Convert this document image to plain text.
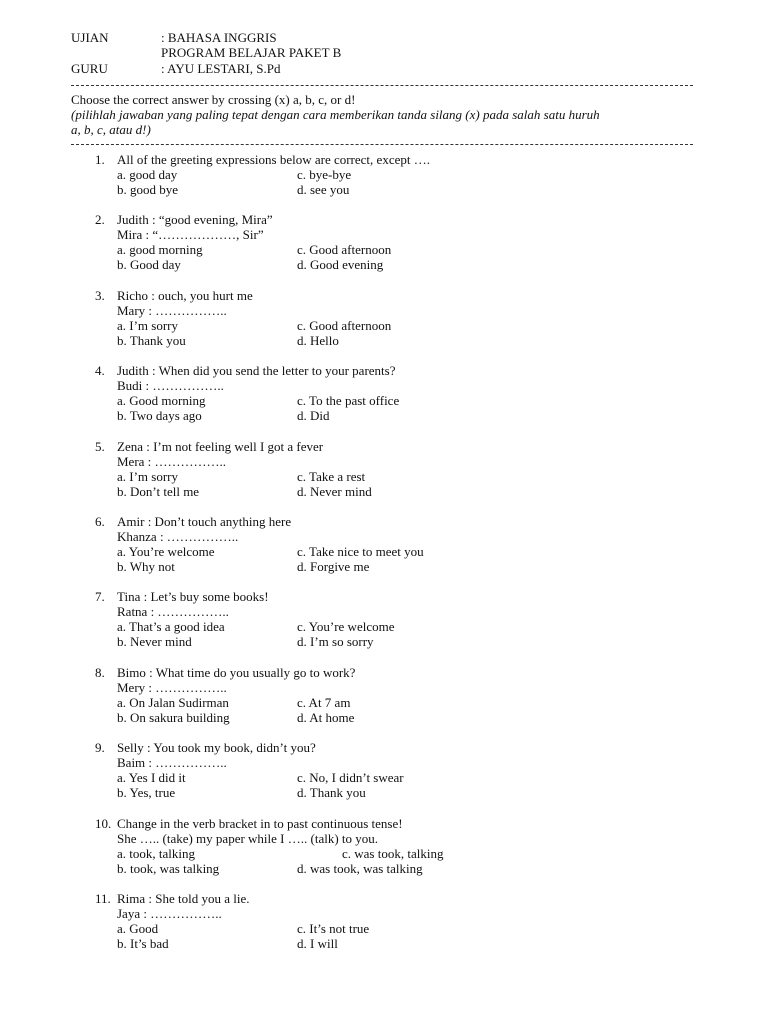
UJIAN	: BAHASA INGGRIS
PROGRAM BELAJAR PAKET B
GURU	: AYU LESTARI, S.Pd
Choose the correct answer by crossing (x) a, b, c, or d!
(pilihlah jawaban yang paling tepat dengan cara memberikan tanda silang (x) pada salah satu huruh
a, b, c, atau d!)
1. All of the greeting expressions below are correct, except ….
a. good day	c. bye-bye
b. good bye	d. see you
2. Judith : “good evening, Mira”
Mira : “………………, Sir”
a. good morning	c. Good afternoon
b. Good day	d. Good evening
3. Richo : ouch, you hurt me
Mary : ……………..
a. I’m sorry	c. Good afternoon
b. Thank you	d. Hello
4. Judith : When did you send the letter to your parents?
Budi : ……………..
a. Good morning	c. To the past office
b. Two days ago	d. Did
5. Zena : I’m not feeling well I got a fever
Mera : ……………..
a. I’m sorry	c. Take a rest
b. Don’t tell me	d. Never mind
6. Amir : Don’t touch anything here
Khanza : ……………..
a. You’re welcome	c. Take nice to meet you
b. Why not	d. Forgive me
7. Tina : Let’s buy some books!
Ratna : ……………..
a. That’s a good idea	c. You’re welcome
b. Never mind	d. I’m so sorry
8. Bimo : What time do you usually go to work?
Mery : ……………..
a. On Jalan Sudirman	c. At 7 am
b. On sakura building	d. At home
9. Selly : You took my book, didn’t you?
Baim : ……………..
a. Yes I did it	c. No, I didn’t swear
b. Yes, true	d. Thank you
10. Change in the verb bracket in to past continuous tense!
She ….. (take) my paper while I ….. (talk) to you.
a. took, talking	c. was took, talking
b. took, was talking	d. was took, was talking
11. Rima : She told you a lie.
Jaya : ……………..
a. Good	c. It’s not true
b. It’s bad	d. I will
